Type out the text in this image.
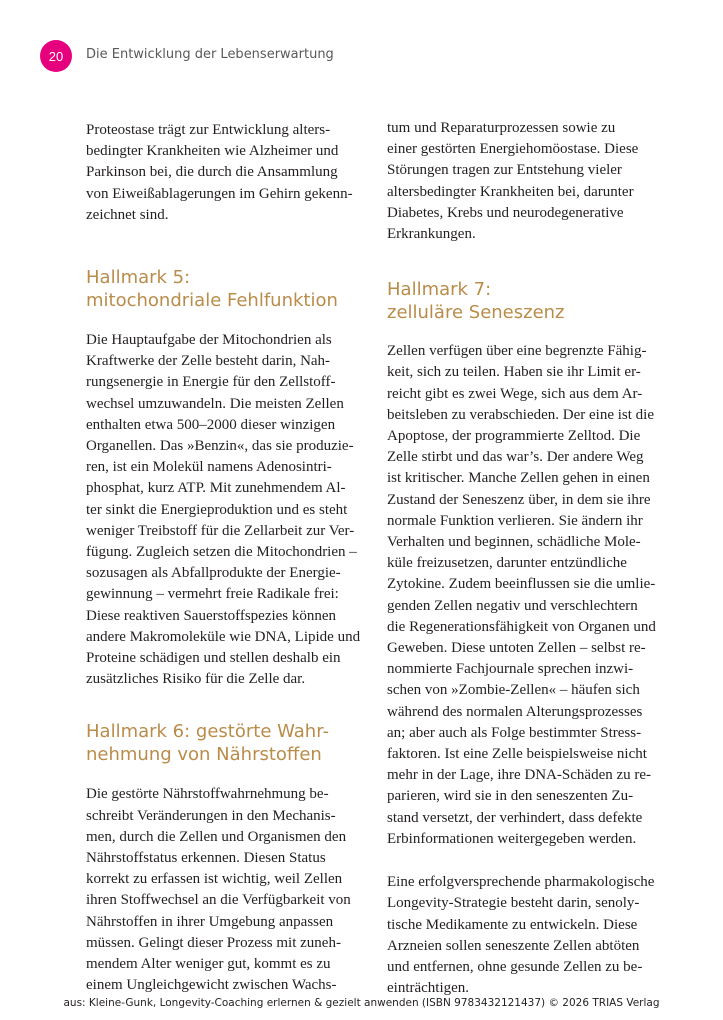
20 Die Entwicklung der Lebenserwartung

Proteostase trägt zur Entwicklung alters-
bedingter Krankheiten wie Alzheimer und
Parkinson bei, die durch die Ansammlung
von Eiweißablagerungen im Gehirn gekenn-
zeichnet sind.

Hallmark 5:
mitochondriale Fehlfunktion

Die Hauptaufgabe der Mitochondrien als
Kraftwerke der Zelle besteht darin, Nah-
rungsenergie in Energie für den Zellstoff-
wechsel umzuwandeln. Die meisten Zellen
enthalten etwa 500–2000 dieser winzigen
Organellen. Das »Benzin«, das sie produzie-
ren, ist ein Molekül namens Adenosintri-
phosphat, kurz ATP. Mit zunehmendem Al-
ter sinkt die Energieproduktion und es steht
weniger Treibstoff für die Zellarbeit zur Ver-
fügung. Zugleich setzen die Mitochondrien –
sozusagen als Abfallprodukte der Energie-
gewinnung – vermehrt freie Radikale frei:
Diese reaktiven Sauerstoffspezies können
andere Makromoleküle wie DNA, Lipide und
Proteine schädigen und stellen deshalb ein
zusätzliches Risiko für die Zelle dar.

Hallmark 6: gestörte Wahr-
nehmung von Nährstoffen

Die gestörte Nährstoffwahrnehmung be-
schreibt Veränderungen in den Mechanis-
men, durch die Zellen und Organismen den
Nährstoffstatus erkennen. Diesen Status
korrekt zu erfassen ist wichtig, weil Zellen
ihren Stoffwechsel an die Verfügbarkeit von
Nährstoffen in ihrer Umgebung anpassen
müssen. Gelingt dieser Prozess mit zuneh-
mendem Alter weniger gut, kommt es zu
einem Ungleichgewicht zwischen Wachs-

tum und Reparaturprozessen sowie zu
einer gestörten Energiehomöostase. Diese
Störungen tragen zur Entstehung vieler
altersbedingter Krankheiten bei, darunter
Diabetes, Krebs und neurodegenerative
Erkrankungen.

Hallmark 7:
zelluläre Seneszenz

Zellen verfügen über eine begrenzte Fähig-
keit, sich zu teilen. Haben sie ihr Limit er-
reicht gibt es zwei Wege, sich aus dem Ar-
beitsleben zu verabschieden. Der eine ist die
Apoptose, der programmierte Zelltod. Die
Zelle stirbt und das war’s. Der andere Weg
ist kritischer. Manche Zellen gehen in einen
Zustand der Seneszenz über, in dem sie ihre
normale Funktion verlieren. Sie ändern ihr
Verhalten und beginnen, schädliche Mole-
küle freizusetzen, darunter entzündliche
Zytokine. Zudem beeinflussen sie die umlie-
genden Zellen negativ und verschlechtern
die Regenerationsfähigkeit von Organen und
Geweben. Diese untoten Zellen – selbst re-
nommierte Fachjournale sprechen inzwi-
schen von »Zombie-Zellen« – häufen sich
während des normalen Alterungsprozesses
an; aber auch als Folge bestimmter Stress-
faktoren. Ist eine Zelle beispielsweise nicht
mehr in der Lage, ihre DNA-Schäden zu re-
parieren, wird sie in den seneszenten Zu-
stand versetzt, der verhindert, dass defekte
Erbinformationen weitergegeben werden.

Eine erfolgversprechende pharmakologische
Longevity-Strategie besteht darin, senoly-
tische Medikamente zu entwickeln. Diese
Arzneien sollen seneszente Zellen abtöten
und entfernen, ohne gesunde Zellen zu be-
einträchtigen.

aus: Kleine-Gunk, Longevity-Coaching erlernen & gezielt anwenden (ISBN 9783432121437) © 2026 TRIAS Verlag
